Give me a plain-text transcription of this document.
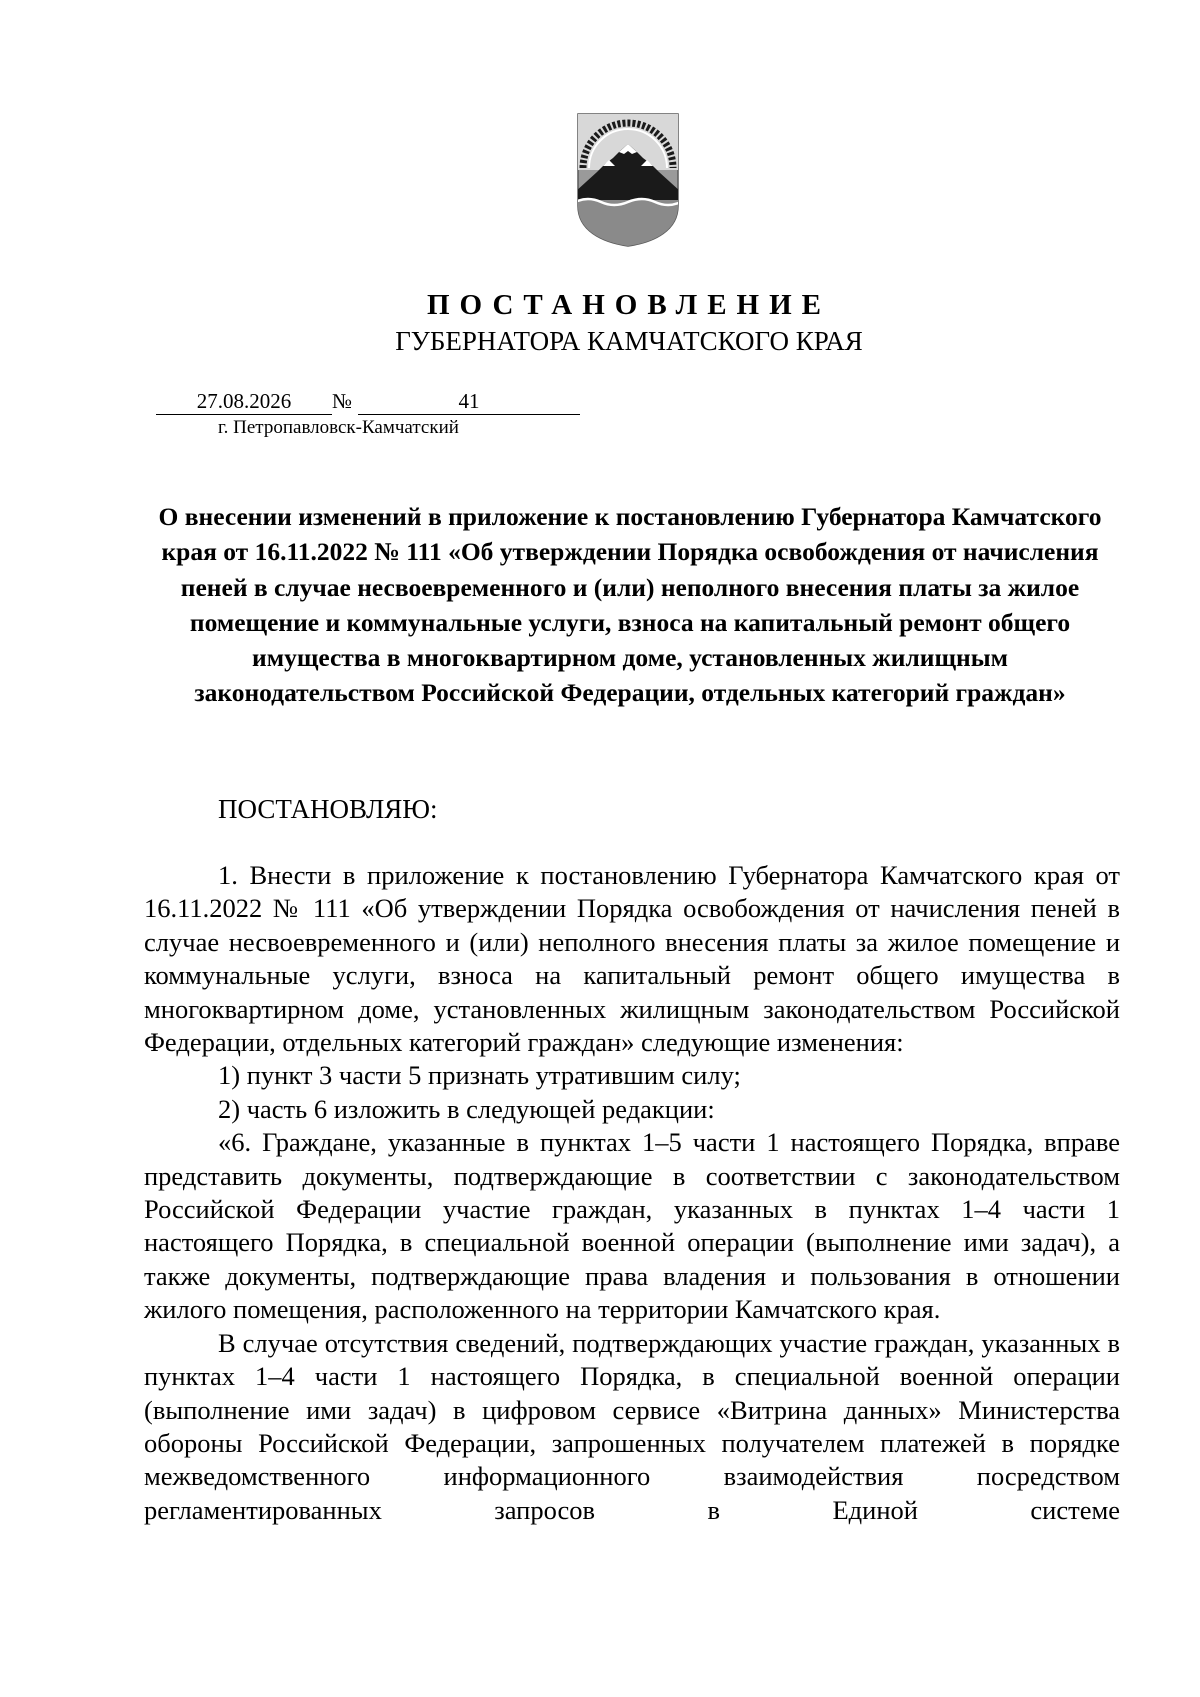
ПОСТАНОВЛЕНИЕ
ГУБЕРНАТОРА КАМЧАТСКОГО КРАЯ
27.08.2026	№	41
г. Петропавловск-Камчатский
О внесении изменений в приложение к постановлению Губернатора Камчатского края от 16.11.2022 № 111 «Об утверждении Порядка освобождения от начисления пеней в случае несвоевременного и (или) неполного внесения платы за жилое помещение и коммунальные услуги, взноса на капитальный ремонт общего имущества в многоквартирном доме, установленных жилищным законодательством Российской Федерации, отдельных категорий граждан»
ПОСТАНОВЛЯЮ:

1. Внести в приложение к постановлению Губернатора Камчатского края от 16.11.2022 № 111 «Об утверждении Порядка освобождения от начисления пеней в случае несвоевременного и (или) неполного внесения платы за жилое помещение и коммунальные услуги, взноса на капитальный ремонт общего имущества в многоквартирном доме, установленных жилищным законодательством Российской Федерации, отдельных категорий граждан» следующие изменения:

1) пункт 3 части 5 признать утратившим силу;

2) часть 6 изложить в следующей редакции:

«6. Граждане, указанные в пунктах 1–5 части 1 настоящего Порядка, вправе представить документы, подтверждающие в соответствии с законодательством Российской Федерации участие граждан, указанных в пунктах 1–4 части 1 настоящего Порядка, в специальной военной операции (выполнение ими задач), а также документы, подтверждающие права владения и пользования в отношении жилого помещения, расположенного на территории Камчатского края.

В случае отсутствия сведений, подтверждающих участие граждан, указанных в пунктах 1–4 части 1 настоящего Порядка, в специальной военной операции (выполнение ими задач) в цифровом сервисе «Витрина данных» Министерства обороны Российской Федерации, запрошенных получателем платежей в порядке межведомственного информационного взаимодействия посредством регламентированных запросов в Единой системе
